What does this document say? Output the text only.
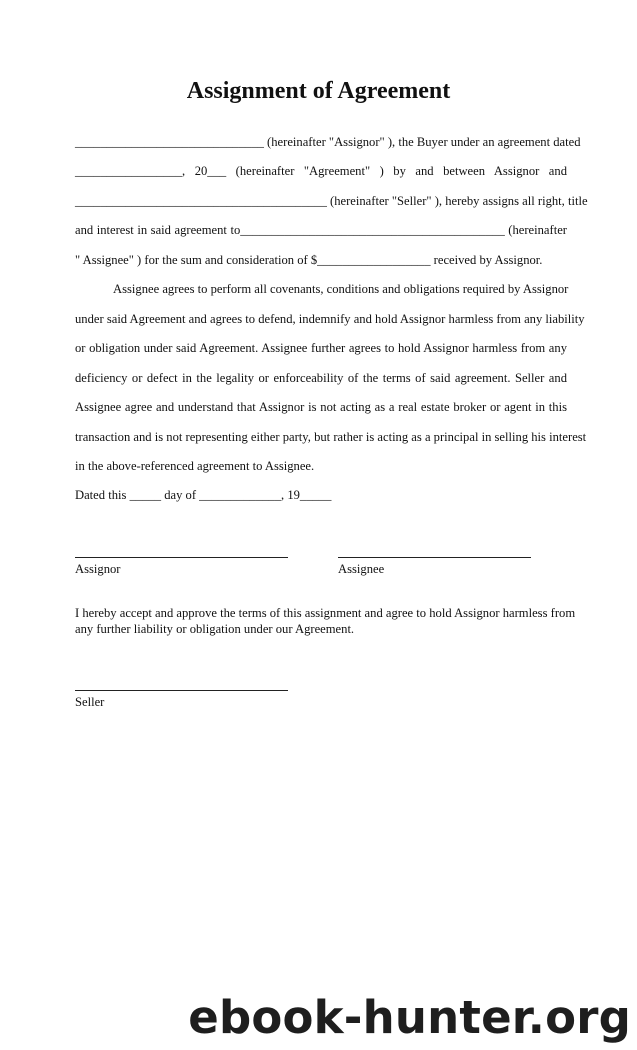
Assignment of Agreement
______________________________ (hereinafter "Assignor" ), the Buyer under an agreement dated
_________________, 20___ (hereinafter "Agreement" ) by and between Assignor and
________________________________________ (hereinafter "Seller" ), hereby assigns all right, title
and interest in said agreement to__________________________________________ (hereinafter
" Assignee" ) for the sum and consideration of $__________________ received by Assignor.
Assignee agrees to perform all covenants, conditions and obligations required by Assignor
under said Agreement and agrees to defend, indemnify and hold Assignor harmless from any liability
or obligation under said Agreement. Assignee further agrees to hold Assignor harmless from any
deficiency or defect in the legality or enforceability of the terms of said agreement. Seller and
Assignee agree and understand that Assignor is not acting as a real estate broker or agent in this
transaction and is not representing either party, but rather is acting as a principal in selling his interest
in the above-referenced agreement to Assignee.
Dated this _____ day of _____________, 19_____
Assignor	Assignee
I hereby accept and approve the terms of this assignment and agree to hold Assignor harmless from
any further liability or obligation under our Agreement.
Seller
ebook-hunter.org
